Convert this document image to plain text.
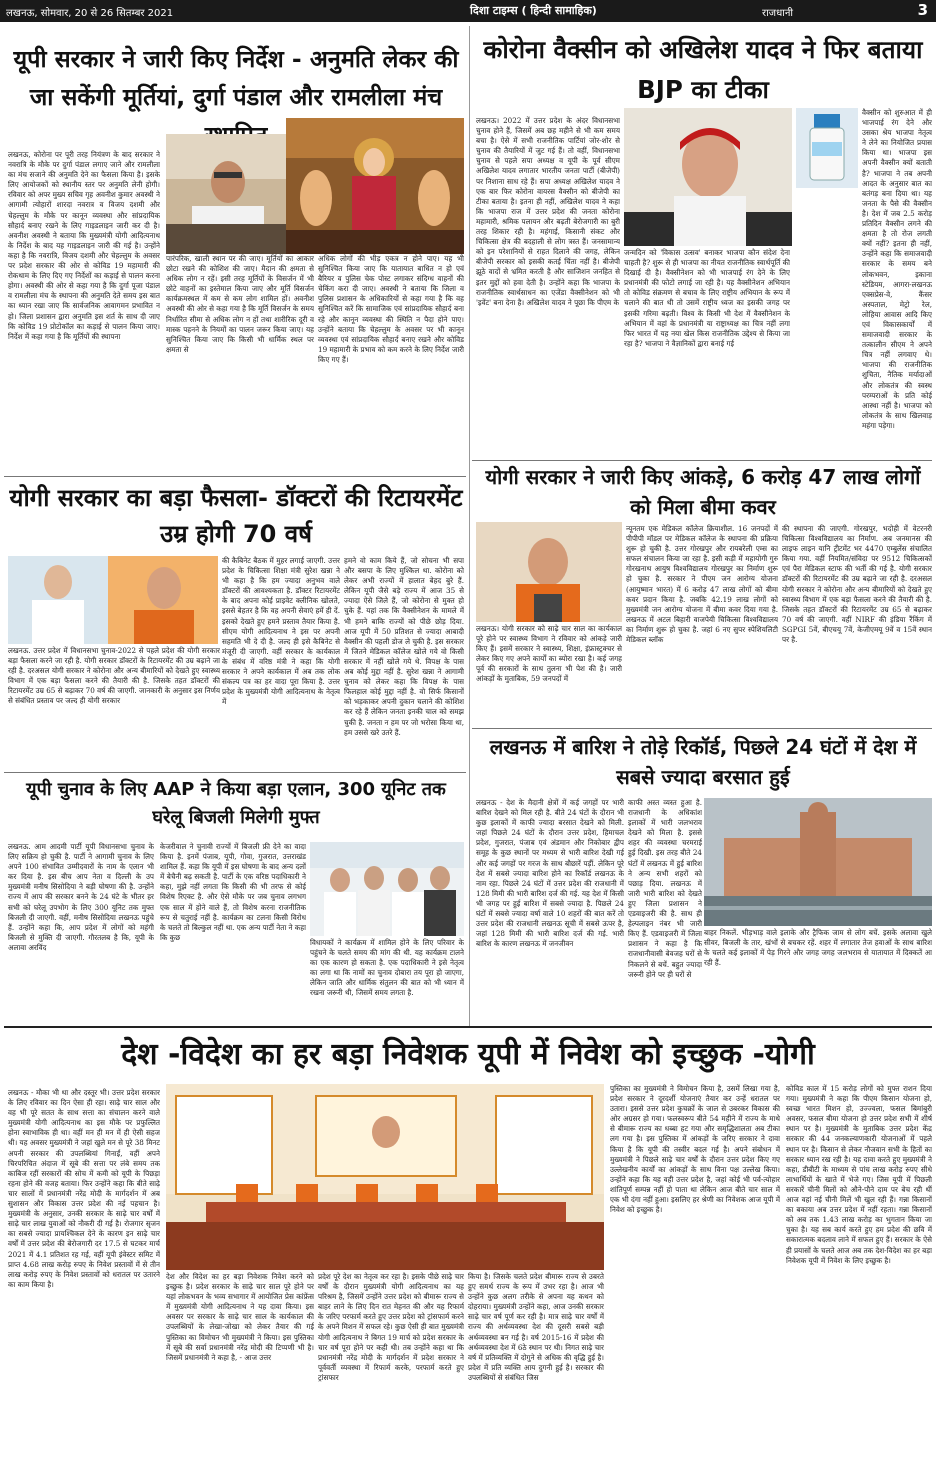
लखनऊ, सोमवार, 20 से 26 सितम्बर 2021	दिशा टाइम्स ( हिन्दी सामाहिक)	राजधानी	3
यूपी सरकार ने जारी किए निर्देश - अनुमति लेकर की जा सकेंगी मूर्तियां, दुर्गा पंडाल और रामलीला मंच
लखनऊ, कोरोना पर पूरी तरह नियंत्रण के बाद सरकार ने नवरात्रि के मौके पर दुर्गा पंडाल लगाए जाने और रामलीला का मंच सजाने की अनुमति देने का फैसला किया है। इसके लिए आयोजकों को स्थानीय स्तर पर अनुमति लेनी होगी। रविवार को अपर मुख्य सचिव गृह अवनीश कुमार अवस्थी ने आगामी त्योहारों शारदा नवरात्र व विजय दशमी और चेहल्लुम के मौके पर कानून व्यवस्था और सांप्रदायिक सौहार्द बनाए रखने के लिए गाइडलाइन जारी कर दी है। अवनीश अवस्थी ने बताया कि मुख्यमंत्री योगी आदित्यनाथ के निर्देश के बाद यह गाइडलाइन जारी की गई है। उन्होंने कहा है कि नवरात्रि, विजय दशमी और चेहल्लुम के अवसर पर प्रदेश सरकार की ओर से कोविड 19 महामारी की रोकथाम के लिए दिए गए निर्देशों का कड़ाई से पालन करना होगा। अवस्थी की ओर से कहा गया है कि दुर्गा पूजा पंडाल व रामलीला मंच के स्थापना की अनुमति देते समय इस बात का ध्यान रखा जाए कि सार्वजनिक आवागमन प्रभावित न हो। जिला प्रशासन द्वारा अनुमति इस शर्त के साथ दी जाए कि कोविड 19 प्रोटोकॉल का कड़ाई से पालन किया जाए। निर्देश में कहा गया है कि मूर्तियों की स्थापना
पारंपरिक, खाली स्थान पर की जाए। मूर्तियों का आकार छोटा रखने की कोशिश की जाए। मैदान की क्षमता से अधिक लोग न रहें। इसी तरह मूर्तियों के विसर्जन में भी छोटे वाहनों का इस्तेमाल किया जाए और मूर्ति विसर्जन कार्यक्रमस्थल में कम से कम लोग शामिल हों। अवनीश अवस्थी की ओर से कहा गया है कि मूर्ति विसर्जन के समय निर्धारित सीमा से अधिक लोग न हों तथा शारीरिक दूरी व मास्क पहनने के नियमों का पालन जरूर किया जाए। यह सुनिश्चित किया जाए कि किसी भी धार्मिक स्थल पर क्षमता से
अधिक लोगों की भीड़ एकत्र न होने पाए। यह भी सुनिश्चित किया जाए कि यातायात बाधित न हो एवं बैरियर व पुलिस चेक पोस्ट लगाकर संदिग्ध वाहनों की चेकिंग करा दी जाए। अवस्थी ने बताया कि जिला व पुलिस प्रशासन के अधिकारियों से कहा गया है कि वह सुनिश्चित करें कि सामाजिक एवं सांप्रदायिक सौहार्द बना रहे और कानून व्यवस्था की स्थिति न पैदा होने पाए। उन्होंने बताया कि चेहल्लुम के अवसर पर भी कानून व्यवस्था एवं सांप्रदायिक सौहार्द बनाए रखने और कोविड 19 महामारी के प्रभाव को कम करने के लिए निर्देश जारी किए गए हैं।
कोरोना वैक्सीन को अखिलेश यादव ने फिर बताया BJP का टीका
लखनऊ। 2022 में उत्तर प्रदेश के अंदर विधानसभा चुनाव होने हैं, जिसमें अब छह महीने से भी कम समय बचा है। ऐसे में सभी राजनीतिक पार्टियां जोर-शोर से चुनाव की तैयारियों में जुट गई हैं। तो वहीं, विधानसभा चुनाव से पहले सपा अध्यक्ष व यूपी के पूर्व सीएम अखिलेश यादव लगातार भारतीय जनता पार्टी (बीजेपी) पर निशाना साध रहे हैं। सपा अध्यक्ष अखिलेश यादव ने एक बार फिर कोरोना वायरस वैक्सीन को बीजेपी का टीका बताया है। इतना ही नहीं, अखिलेश यादव ने कहा कि भाजपा राज में उत्तर प्रदेश की जनता कोरोना महामारी, श्रमिक पलायन और बढ़ती बेरोजगारी का बुरी तरह शिकार रही है। महंगाई, किसानी संकट और चिकित्सा क्षेत्र की बदहाली से लोग त्रस्त हैं। जनसामान्य को इन परेशानियों से राहत दिलाने की जगह, लेकिन बीजेपी सरकार को इसकी कतई चिंता नहीं है। बीजेपी झूठे वादों से भ्रमित करती है और साजिशन जनहित से इतर मुद्दों को हवा देती है। उन्होंने कहा कि भाजपा के राजनीतिक स्वार्थसाधन का एजेंडा वैक्सीनेशन को भी 'इवेंट' बना देना है। अखिलेश यादव ने पूछा कि पीएम के
जन्मदिन को 'विकास उत्सव' बनाकर भाजपा कौन संदेश देना चाहती है? शुरू से ही भाजपा का नीयत राजनीतिक स्वार्थपूर्ति की दिखाई दी है। वैक्सीनेशन को भी भाजपाई रंग देने के लिए प्रधानमंत्री की फोटो लगाई जा रही है। यह वैक्सीनेशन अभियान तो कोविड संक्रमण से बचाव के लिए राष्ट्रीय अभियान के रूप में चलाने की बात थी तो उसमें राष्ट्रीय ध्वज का इसकी जगह पर इसकी गरिमा बढ़ती। विश्व के किसी भी देश में वैक्सीनेशन के अभियान में वहां के प्रधानमंत्री या राष्ट्राध्यक्ष का चित्र नहीं लगा फिर भारत में यह नया खेल किस राजनीतिक उद्देश्य से किया जा रहा है? भाजपा ने वैज्ञानिकों द्वारा बनाई गई
वैक्सीन को शुरुआत में ही भाजपाई रंग देने और उसका श्रेय भाजपा नेतृत्व ने लेने का नियोजित प्रयास किया था। भाजपा इस अपनी वैक्सीन क्यों बताती है? भाजपा ने तब अपनी आदत के अनुसार बात का बतंगड़ बना दिया था। यह जनता के पैसे की वैक्सीन है। देश में जब 2.5 करोड़ प्रतिदिन वैक्सीन लगने की क्षमता है तो रोज लगती क्यों नहीं? इतना ही नहीं, उन्होंने कहा कि समाजवादी सरकार के समय बने लोकभवन, इकाना स्टेडियम, आगरा-लखनऊ एक्सप्रेस-वे, कैंसर अस्पताल, मेट्रो रेल, लोहिया आवास आदि किए एवं विकासकार्यों में समाजवादी सरकार के तत्कालीन सीएम ने अपने चित्र नहीं लगवाए थे। भाजपा की राजनीतिक शुचिता, नैतिक मर्यादाओं और लोकतंत्र की स्वस्थ परम्पराओं के प्रति कोई आस्था नहीं है। भाजपा को लोकतंत्र के साथ खिलवाड़ महंगा पड़ेगा।
योगी सरकार का बड़ा फैसला- डॉक्टरों की रिटायरमेंट उम्र होगी 70 वर्ष
लखनऊ. उत्तर प्रदेश में विधानसभा चुनाव-2022 से पहले प्रदेश की योगी सरकार बड़ा फैसला करने जा रही है. योगी सरकार डॉक्टरों के रिटायरमेंट की उम्र बढ़ाने जा रही है. दरअसल योगी सरकार ने कोरोना और अन्य बीमारियों को देखते हुए स्वास्थ्य विभाग में एक बड़ा फैसला करने की तैयारी की है. जिसके तहत डॉक्टरों की रिटायरमेंट उम्र 65 से बढ़ाकर 70 वर्ष की जाएगी. जानकारी के अनुसार इस निर्णय से संबंधित प्रस्ताव पर जल्द ही योगी सरकार
की कैबिनेट बैठक में मुहर लगाई जाएगी. उत्तर प्रदेश के चिकित्सा शिक्षा मंत्री सुरेश खन्ना ने भी कहा है कि हम ज्यादा अनुभव वाले डॉक्टरों की आवश्यकता है. डॉक्टर रिटायरमेंट के बाद अपना कोई प्राइवेट क्लीनिक खोलते, इससे बेहतर है कि वह अपनी सेवाएं हमें ही दें. इसको देखते हुए हमने प्रस्ताव तैयार किया है. सीएम योगी आदित्यनाथ ने इस पर अपनी सहमति भी दे दी है. जल्द ही इसे कैबिनेट से मंजूरी दी जाएगी. वहीं सरकार के कार्यकाल के संबंध में वरिष्ठ मंत्री ने कहा कि योगी सरकार ने अपने कार्यकाल में अब तक लोक संकल्प पत्र का हर वादा पूरा किया है. उत्तर प्रदेश के मुख्यमंत्री योगी आदित्यनाथ के नेतृत्व में
हमने वो काम किये हैं, जो सोचना भी सपा और बसपा के लिए मुश्किल था. कोरोना को लेकर अभी राज्यों में हालात बेहद बुरे हैं. लेकिन यूपी जैसे बड़े राज्य में आज 35 से ज्यादा ऐसे जिले हैं, जो कोरोना से मुक्त हो चुके हैं. यहां तक कि वैक्सीनेशन के मामले में भी हमने बाकि राज्यों को पीछे छोड़ दिया. आज यूपी में 50 प्रतिशत से ज्यादा आबादी वैक्सीन की पहली डोज ले चुकी है. इस सरकार में जितने मेडिकल कॉलेज खोले गये वो किसी सरकार में नहीं खोले गये थे. विपक्ष के पास अब कोई मुद्दा नहीं है. सुरेश खन्ना ने आगामी चुनाव को लेकर कहा कि विपक्ष के पास फिलहाल कोई मुद्दा नहीं है. वो सिर्फ किसानों को भड़काकर अपनी दुकान चलाने की कोशिश कर रहे हैं लेकिन जनता इनकी चाल को समझ चुकी है. जनता न हम पर जो भरोसा किया था, हम उससे खरे उतरे हैं.
योगी सरकार ने जारी किए आंकड़े, 6 करोड़ 47 लाख लोगों को मिला बीमा कवर
लखनऊ। योगी सरकार को साढ़े चार साल का कार्यकाल पूरे होने पर स्वास्थ्य विभाग ने रविवार को आंकड़े जारी किए हैं। इसमें सरकार ने स्वास्थ्य, शिक्षा, इंफ्रास्ट्रक्चर से लेकर किए गए अपने कार्यों का ब्योरा रखा है। कई जगह पूर्व की सरकारों के साथ तुलना भी पेश की है। जारी आंकड़ों के मुताबिक, 59 जनपदों में
न्यूनतम एक मेडिकल कॉलेज क्रियाशील. 16 जनपदों में पीपीपी मॉडल पर मेडिकल कॉलेज के स्थापना की प्रक्रिया शुरू हो चुकी है. उत्तर गोरखपुर और रायबरेली एम्स का सफल संचालन किया जा रहा है. इसी कड़ी में महायोगी गुरु गोरखनाथ आयुष विश्वविद्यालय गोरखपुर का निर्माण शुरू हो चुका है. सरकार ने पीएम जन आरोग्य योजना (आयुष्मान भारत) में 6 करोड़ 47 लाख लोगों को बीमा कवर प्रदान किया है. जबकि 42.19 लाख लोगों को मुख्यमंत्री जन आरोग्य योजना में बीमा कवर दिया गया है. लखनऊ में अटल बिहारी वाजपेयी चिकित्सा विश्वविद्यालय का निर्माण शुरू हो चुका है. जहां 6 नए सुपर स्पेशियलिटी मेडिकल ब्लॉक
की स्थापना की जाएगी. गोरखपुर, भदोही में वेटरनरी चिकित्सा विश्वविद्यालय का निर्माण. अब जनमानस की लाइफ लाइन यानि ट्रीटमेंट भर 4470 एम्बुलेंस संचालित किया गया. वहीं नियमित/संविदा पर 9512 चिकित्सकों एवं पैरा मेडिकल स्टाफ की भर्ती की गई है. योगी सरकार डॉक्टरों की रिटायरमेंट की उम्र बढ़ाने जा रही है. दरअसल योगी सरकार ने कोरोना और अन्य बीमारियों को देखते हुए स्वास्थ्य विभाग में एक बड़ा फैसला करने की तैयारी की है. जिसके तहत डॉक्टरों की रिटायरमेंट उम्र 65 से बढ़ाकर 70 वर्ष की जाएगी. वहीं NIRF की इंडिया रैंकिंग में SGPGI 5वें, बीएचयू 7वें, केजीएमयू 9वें व 15वें स्थान पर है.
लखनऊ में बारिश ने तोड़े रिकॉर्ड, पिछले 24 घंटों में देश में सबसे ज्यादा बरसात हुई
लखनऊ - देश के मैदानी क्षेत्रों में कई जगहों पर भारी बारिश देखने को मिल रही है. बीते 24 घंटों के दौरान भी कुछ इलाकों में काफी ज्यादा बरसात देखने को मिली. जहां पिछले 24 घंटों के दौरान उत्तर प्रदेश, हिमाचल प्रदेश, गुजरात, पंजाब एवं अंडमान और निकोबार द्वीप समूह के कुछ स्थानों पर मध्यम से भारी बारिश देखी गई और कई जगहों पर गरज के साथ बौछारें पड़ीं. लेकिन पूरे देश में सबसे ज्यादा बारिश होने का रिकॉर्ड लखनऊ के नाम रहा. पिछले 24 घंटों में उत्तर प्रदेश की राजधानी में 128 मिमी की भारी बारिश दर्ज की गई. यह देश में किसी भी जगह पर हुई बारिश में सबसे ज्यादा है. पिछले 24 घंटों में सबसे ज्यादा वर्षा वाले 10 शहरों की बात करें तो उत्तर प्रदेश की राजधानी लखनऊ सूची में सबसे ऊपर है, जहां 128 मिमी की भारी बारिश दर्ज की गई. भारी बारिश के कारण लखनऊ में जनजीवन
काफी अस्त व्यस्त हुआ है. राजधानी के अधिकांश इलाकों में भारी जलभराव देखने को मिला है. इससे शहर की व्यवस्था चरमराई हुई दिखी. इस तरह बीते 24 घंटों में लखनऊ में हुई बारिश ने अन्य सभी शहरों को पछाड़ दिया. लखनऊ में जारी भारी बारिश को देखते हुए जिला प्रशासन ने एडवाइजरी की है. साथ ही हेल्पलाइन नंबर भी जारी किए हैं. एडवाइजरी में जिला प्रशासन ने कहा है कि राजधानीवासी बेवजह घरों से निकलने से बचें. बहुत ज्यादा जरूरी होने पर ही घरों से
बाहर निकलें. भीड़भाड़ वाले इलाके और ट्रैफिक जाम से लोग बचें. इसके अलावा खुले सीवर, बिजली के तार, खंभों से बचकर रहें. शहर में लगातार तेज हवाओं के साथ बारिश के चलते कई इलाकों में पेड़ गिरने और जगह जगह जलभराव से यातायात में दिक्कतें आ रही हैं.
यूपी चुनाव के लिए AAP ने किया बड़ा एलान, 300 यूनिट तक घरेलू बिजली मिलेगी मुफ्त
लखनऊ. आम आदमी पार्टी यूपी विधानसभा चुनाव के लिए सक्रिय हो चुकी है. पार्टी ने आगामी चुनाव के लिए अपने 100 संभावित उम्मीदवारों के नाम के एलान भी कर दिया है. इस बीच आप नेता व दिल्ली के उप मुख्यमंत्री मनीष सिसोदिया ने बड़ी घोषणा की है. उन्होंने राज्य में आप की सरकार बनने के 24 घंटे के भीतर हर सभी को घरेलू उपभोग के लिए 300 यूनिट तक मुफ्त बिजली दी जाएगी. वहीं, मनीष सिसोदिया लखनऊ पहुंचे हैं. उन्होंने कहा कि, आप प्रदेश में लोगों को महंगी बिजली से मुक्ति दी जाएगी. गौरतलब है कि, यूपी के अलावा अरविंद
केजरीवाल ने चुनावी राज्यों में बिजली फ्री देने का वादा किया है. इनमें पंजाब, यूपी, गोवा, गुजरात, उत्तराखंड शामिल हैं. कहा कि यूपी में इस घोषणा के बाद अन्य दलों में बेचैनी बढ़ सकती है. पार्टी के एक वरिष्ठ पदाधिकारी ने कहा, मुझे नहीं लगता कि किसी की भी तरफ से कोई विशेष रिएक्ट है. और ऐसे मौके पर जब चुनाव लगभग एक साल में होने वाले हैं, तो विशेष करना राजनीतिक रूप से चतुराई नहीं है. कार्यक्रम का टलना किसी विरोध के चलते तो बिल्कुल नहीं था. एक अन्य पार्टी नेता ने कहा कि कुछ
विधायकों ने कार्यक्रम में शामिल होने के लिए परिवार के पहुंचने के चलते समय की मांग की थी. यह कार्यक्रम टालने का एक कारण हो सकता है. एक पदाधिकारी ने इसे नेतृत्व का लगा था कि नामों का चुनाव दोबारा तय पूरा हो जाएगा, लेकिन जाति और धार्मिक संतुलन की बात को भी ध्यान में रखना जरूरी थी, जिसमें समय लगता है.
देश -विदेश का हर बड़ा निवेशक यूपी में निवेश को इच्छुक -योगी
लखनऊ - मौका भी था और दस्तूर भी। उत्तर प्रदेश सरकार के लिए रविवार का दिन ऐसा ही रहा। साढ़े चार साल और वह भी पूरे सतत के साथ सत्ता का संचालन करने वाले मुख्यमंत्री योगी आदित्यनाथ का इस मौके पर प्रफुल्लित होना स्वाभाविक ही था। वहीं मन ही मन में ही ऐसी सहज थी। यह अवसर मुख्यमंत्री ने जहां खुले मन से पूरे 38 मिनट अपनी सरकार की उपलब्धियां गिनाईं, वहीं अपने चिरपरिचित अंदाज में सूबे की सत्ता पर लंबे समय तक काबिज रहीं सरकारों की सोच में कमी को यूपी के पिछड़ा रहना होने की वजह बताया। फिर उन्होंने कहा कि बीते साढ़े चार सालों में प्रधानमंत्री नरेंद्र मोदी के मार्गदर्शन में अब सुशासन और विकास उत्तर प्रदेश की नई पहचान है। मुख्यमंत्री के अनुसार, उनकी सरकार के साढ़े चार वर्षों में साढ़े चार लाख युवाओं को नौकरी दी गई है। रोजगार सृजन का सबसे ज्यादा प्रायश्चिकल देने के कारण इन साढ़े चार वर्षों में उत्तर प्रदेश की बेरोजगारी दर 17.5 से घटकर मार्च 2021 में 4.1 प्रतिशत रह गई, वहीं यूपी इंवेस्टर समिट में प्राप्त 4.68 लाख करोड़ रुपए के निवेश प्रस्तावों में से तीन लाख करोड़ रुपए के निवेश प्रस्तावों को धरातल पर उतारने का काम किया है।
देश और विदेश का हर बड़ा निवेशक निवेश करने को इच्छुक है। प्रदेश सरकार के साढ़े चार साल पूरे होने पर यहां लोकभवन के भव्य सभागार में आयोजित प्रेस कांफ्रेंस में मुख्यमंत्री योगी आदित्यनाथ ने यह दावा किया। इस अवसर पर सरकार के साढ़े चार साल के कार्यकाल की उपलब्धियों के लेखा-जोखा को लेकर तैयार की गई पुस्तिका का विमोचन भी मुख्यमंत्री ने किया। इस पुस्तिका में सूबे की सर्वा प्रधानमंत्री नरेंद्र मोदी की टिप्पणी भी है। जिसमें प्रधानमंत्री ने कहा है, - आज उत्तर
प्रदेश पूरे देश का नेतृत्व कर रहा है। इसके पीछे साढ़े चार वर्षों के दौरान मुख्यमंत्री योगी आदित्यनाथ का यह परिश्रम है, जिसमें उन्होंने उत्तर प्रदेश को बीमारू राज्य से बाहर लाने के लिए दिन रात मेहनत की और यह रिफार्म के जरिए परफार्म करते हुए उत्तर प्रदेश को ट्रांसफार्म करने के अपने मिशन में सफल रहे। कुछ ऐसी ही बात मुख्यमंत्री योगी आदित्यनाथ ने बिगत 19 मार्च को प्रदेश सरकार के चार वर्ष पूरा होने पर कही थी। तब उन्होंने कहा था कि प्रधानमंत्री नरेंद्र मोदी के मार्गदर्शन में प्रदेश सरकार ने पूर्ववर्ती व्यवस्था में रिफार्म करके, परफार्म करते हुए ट्रांसफार
किया है। जिसके चलते प्रदेश बीमारू राज्य से उबरते हुए समर्थ राज्य के रूप में उभर रहा है। आज भी उन्होंने कुछ अलग तरीके से अपना यह कथन को दोहराया। मुख्यमंत्री उन्होंने कहा, आज उनकी सरकार साढ़े चार वर्ष पूर्ण कर रही है। मात्र साढ़े चार वर्षों में राज्य की अर्थव्यवस्था देश की दूसरी सबसे बड़ी अर्थव्यवस्था बन गई है। वर्ष 2015-16 में प्रदेश की अर्थव्यवस्था देश में 6ठे स्थान पर थी। निगत साढ़े चार वर्ष में प्रतिव्यक्ति में दोगुने से अधिक की वृद्धि हुई है। प्रदेश में प्रति व्यक्ति आय दुगनी हुई है। सरकार की उपलब्धियों से संबंधित जिस
पुस्तिका का मुख्यमंत्री ने विमोचन किया है, उसमें लिखा गया है, प्रदेश सरकार ने दूरदर्शी योजनाएं तैयार कर उन्हें धरातल पर उतारा। इससे उत्तर प्रदेश कुचक्रों के जाल से उबरकर विकास की ओर अग्रसर हो गया। फलस्वरूप बीते 54 महीने में राज्य के माथे से बीमारू राज्य का धब्बा हट गया और समृद्धिशालता अब टीका लग गया है। इस पुस्तिका में आंकड़ों के जरिए सरकार ने दावा किया है कि यूपी की तस्वीर बदल गई है। अपने संबोधन में मुख्यमंत्री ने पिछले साढ़े चार वर्षों के दौरान उत्तर प्रदेश किए गए उल्लेखनीय कार्यों का आंकड़ों के साथ विना पक्ष उल्लेख किया। उन्होंने कहा कि यह वही उत्तर प्रदेश है, जहां कोई भी पर्व-त्योहार शांतिपूर्ण सम्पन्न नहीं हो पाता था लेकिन आज बीते चार साल में एक भी दंगा नहीं हुआ। इसलिए हर श्रेणी का निवेशक आज यूपी में निवेश को इच्छुक है।
कोविड काल में 15 करोड़ लोगों को मुफ्त राशन दिया गया। मुख्यमंत्री ने कहा कि पीएम किसान योजना हो, स्वच्छ भारत मिशन हो, उज्ज्वला, फसल बिमांबुरी अवसर, फसल बीमा योजना हो उत्तर प्रदेश सभी में शीर्ष स्थान पर है। मुख्यमंत्री के मुताबिक उत्तर प्रदेश केंद्र सरकार की 44 जनकल्याणकारी योजनाओं में पहले स्थान पर है। किसान से लेकर नौजवान सभी के हितों का सरकार ध्यान रख रही है। यह दावा करते हुए मुख्यमंत्री ने कहा, डीबीटी के माध्यम से पांच लाख करोड़ रुपए सीधे लाभार्थियों के खाते में भेजे गए। जिस यूपी में पिछली सरकारें चीनी मिलों को औने-पौने दाम पर बेच रही थीं आज वहां नई चीनी मिलें भी खुल रही हैं। गन्ना किसानों का बकाया अब उत्तर प्रदेश में नहीं रहता। गन्ना किसानों को अब तक 1.43 लाख करोड़ का भुगतान किया जा चुका है। यह सब कार्य करते हुए हम प्रदेश की छवि में सकारात्मक बदलाव लाने में सफल हुए हैं। सरकार के ऐसे ही प्रयासों के चलते आज अब तक देश-विदेश का हर बड़ा निवेशक यूपी में निवेश के लिए इच्छुक है।
